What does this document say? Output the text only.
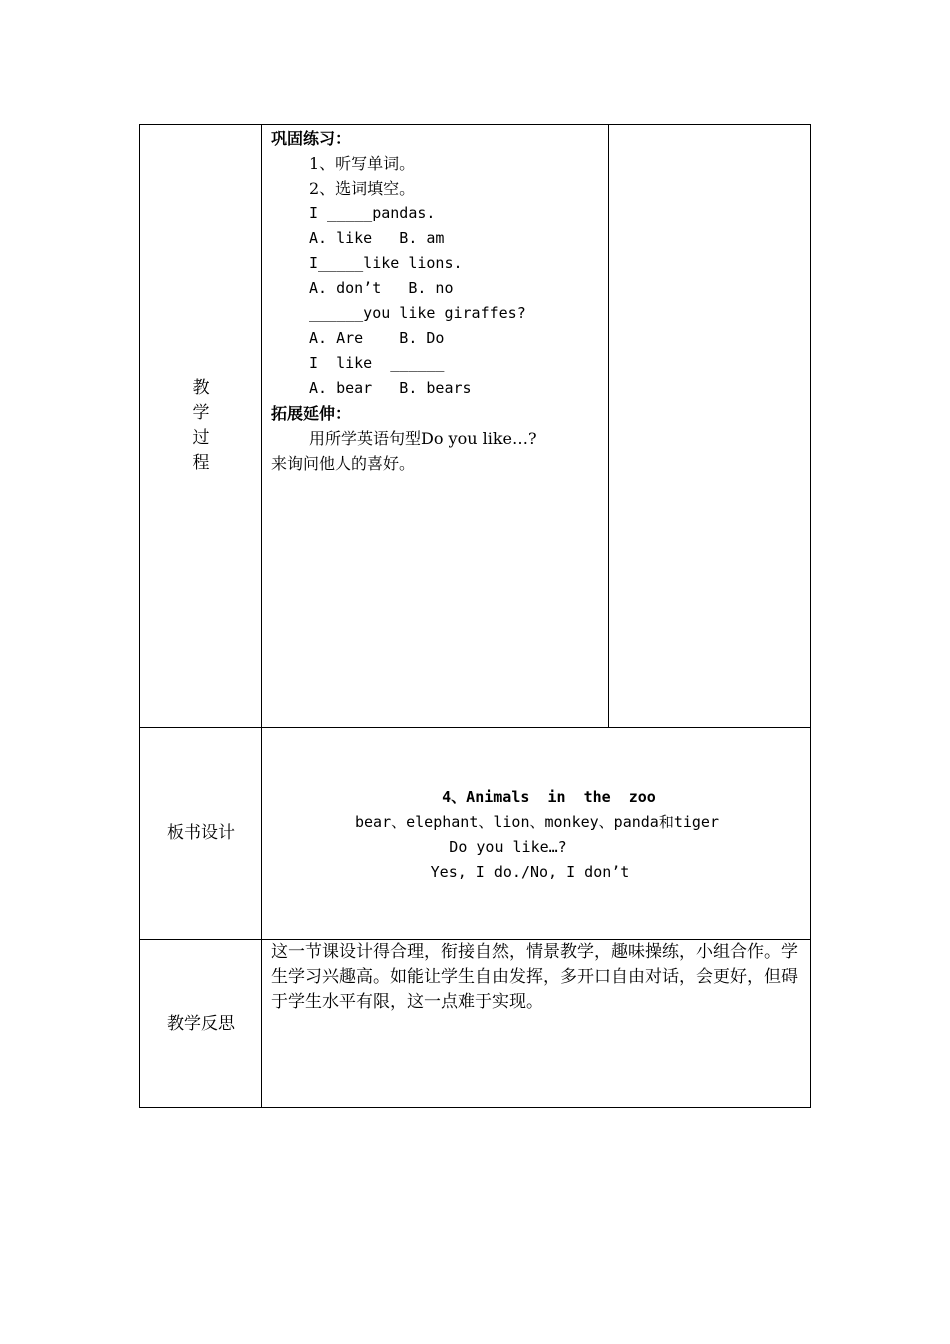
教
学
过
程
巩固练习：
1、听写单词。
2、选词填空。
I _____pandas.
A. like   B. am
I_____like lions.
A. don’t   B. no
______you like giraffes?
A. Are    B. Do
I  like  ______
A. bear   B. bears
拓展延伸：
用所学英语句型Do you like…?
来询问他人的喜好。
板书设计
4、Animals  in  the  zoo
bear、elephant、lion、monkey、panda和tiger
Do you like…?
Yes, I do./No, I don’t
教学反思
这一节课设计得合理，衔接自然，情景教学，趣味操练，小组合作。学生学习兴趣高。如能让学生自由发挥，多开口自由对话，会更好，但碍于学生水平有限，这一点难于实现。
